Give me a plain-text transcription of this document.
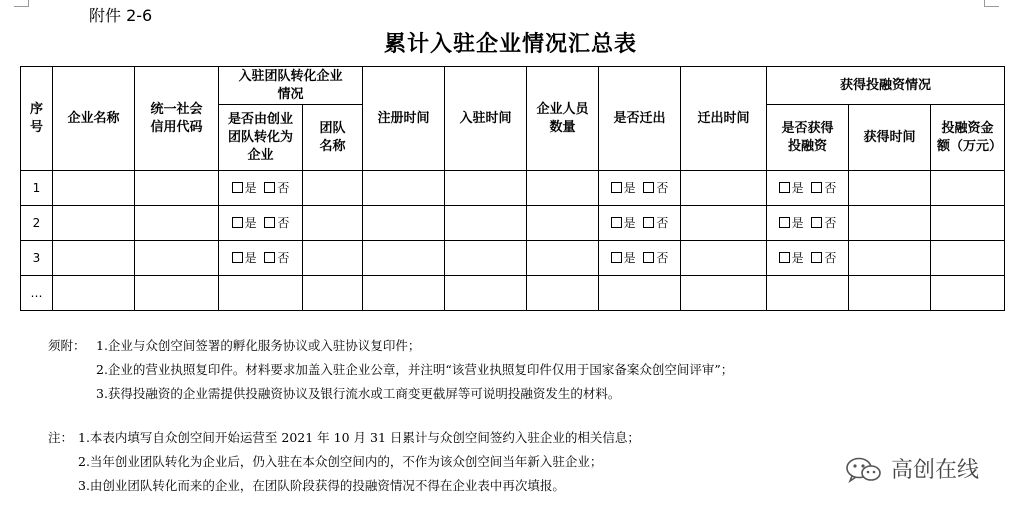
附件 2-6
累计入驻企业情况汇总表
序号	企业名称	统一社会信用代码	入驻团队转化企业情况		注册时间	入驻时间	企业人员数量	是否迁出	迁出时间	获得投融资情况		
			是否由创业团队转化为企业	团队名称						是否获得投融资	获得时间	投融资金额（万元）
1			是 否					是 否		是 否		
2			是 否					是 否		是 否		
3			是 否					是 否		是 否		
…												
须附： 1.企业与众创空间签署的孵化服务协议或入驻协议复印件；
2.企业的营业执照复印件。材料要求加盖入驻企业公章，并注明“该营业执照复印件仅用于国家备案众创空间评审”；
3.获得投融资的企业需提供投融资协议及银行流水或工商变更截屏等可说明投融资发生的材料。
注： 1.本表内填写自众创空间开始运营至 2021 年 10 月 31 日累计与众创空间签约入驻企业的相关信息；
2.当年创业团队转化为企业后，仍入驻在本众创空间内的，不作为该众创空间当年新入驻企业；
3.由创业团队转化而来的企业，在团队阶段获得的投融资情况不得在企业表中再次填报。
高创在线
